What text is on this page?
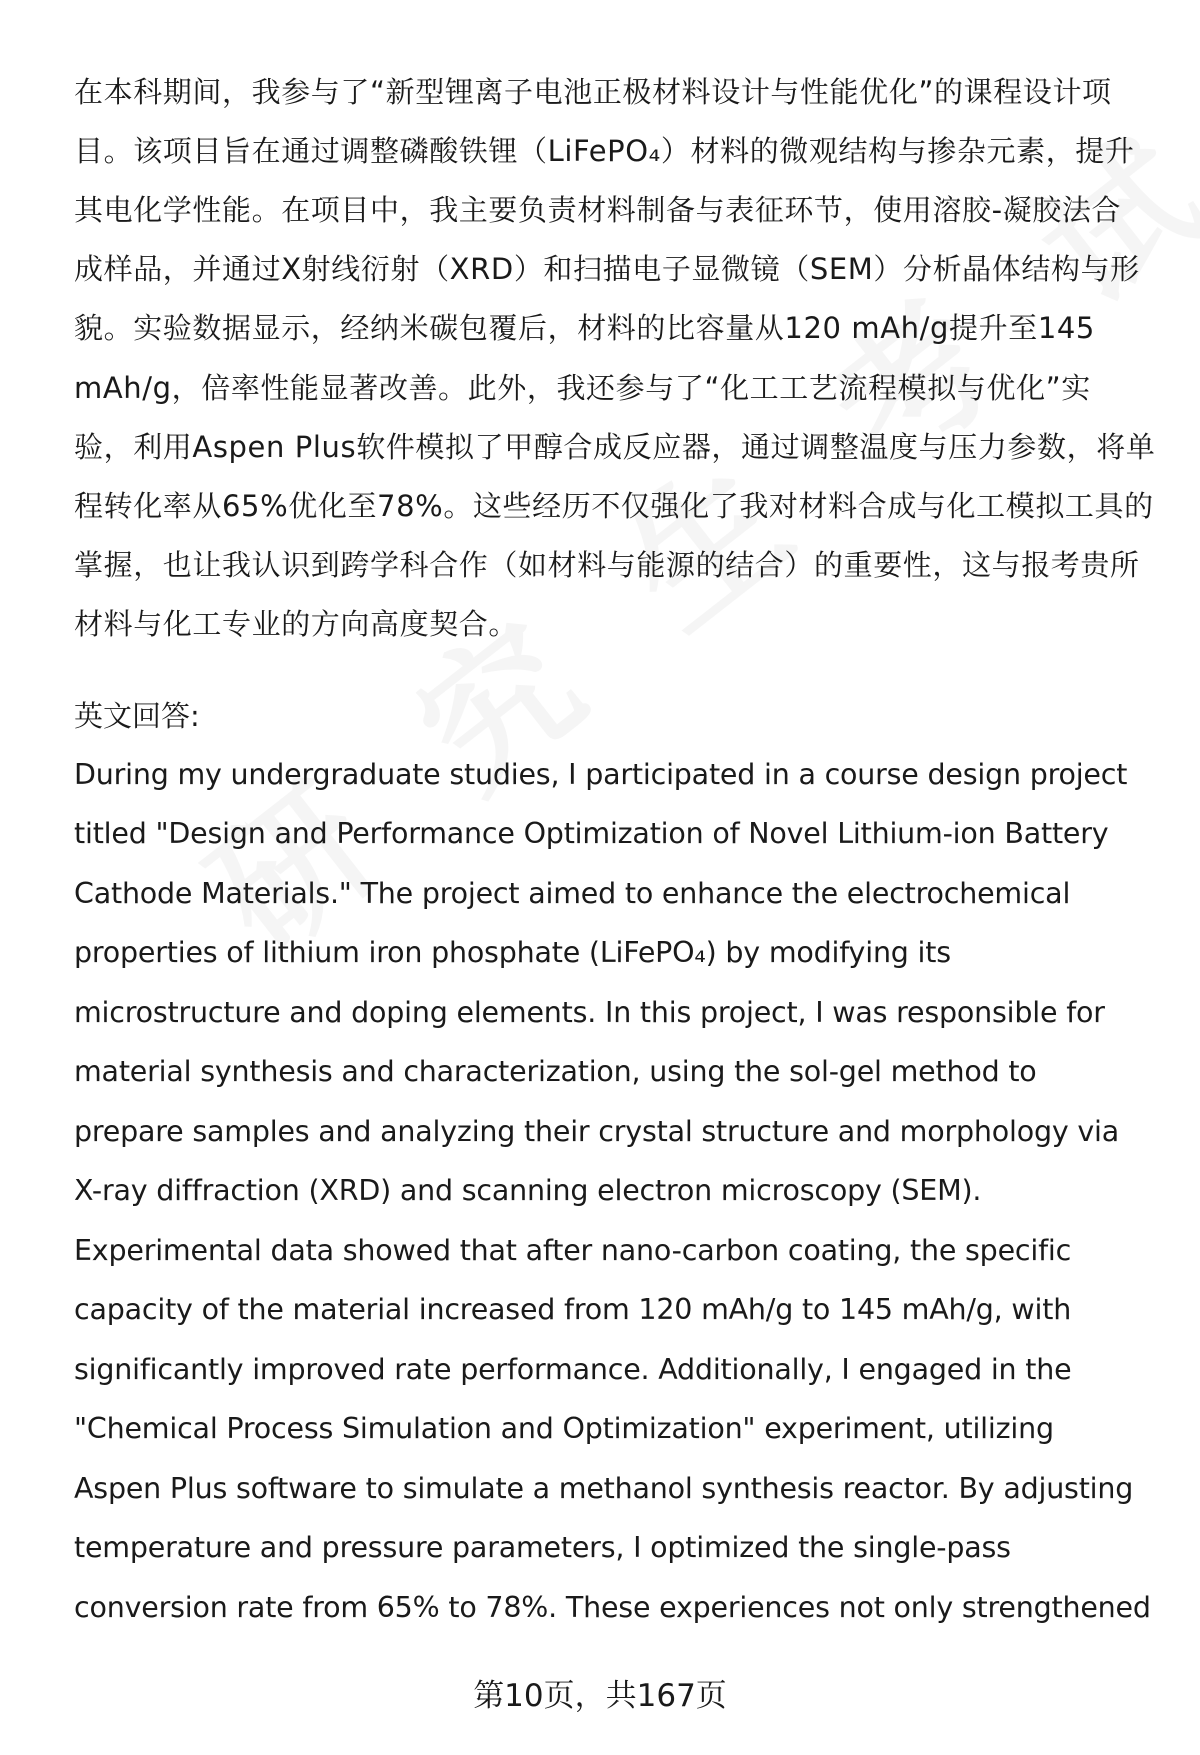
在本科期间，我参与了“新型锂离子电池正极材料设计与性能优化”的课程设计项
目。该项目旨在通过调整磷酸铁锂（LiFePO₄）材料的微观结构与掺杂元素，提升
其电化学性能。在项目中，我主要负责材料制备与表征环节，使用溶胶-凝胶法合
成样品，并通过X射线衍射（XRD）和扫描电子显微镜（SEM）分析晶体结构与形
貌。实验数据显示，经纳米碳包覆后，材料的比容量从120 mAh/g提升至145
mAh/g，倍率性能显著改善。此外，我还参与了“化工工艺流程模拟与优化”实
验，利用Aspen Plus软件模拟了甲醇合成反应器，通过调整温度与压力参数，将单
程转化率从65%优化至78%。这些经历不仅强化了我对材料合成与化工模拟工具的
掌握，也让我认识到跨学科合作（如材料与能源的结合）的重要性，这与报考贵所
材料与化工专业的方向高度契合。
英文回答:
During my undergraduate studies, I participated in a course design project
titled "Design and Performance Optimization of Novel Lithium-ion Battery
Cathode Materials." The project aimed to enhance the electrochemical
properties of lithium iron phosphate (LiFePO₄) by modifying its
microstructure and doping elements. In this project, I was responsible for
material synthesis and characterization, using the sol-gel method to
prepare samples and analyzing their crystal structure and morphology via
X-ray diffraction (XRD) and scanning electron microscopy (SEM).
Experimental data showed that after nano-carbon coating, the specific
capacity of the material increased from 120 mAh/g to 145 mAh/g, with
significantly improved rate performance. Additionally, I engaged in the
"Chemical Process Simulation and Optimization" experiment, utilizing
Aspen Plus software to simulate a methanol synthesis reactor. By adjusting
temperature and pressure parameters, I optimized the single-pass
conversion rate from 65% to 78%. These experiences not only strengthened
第10页，共167页
